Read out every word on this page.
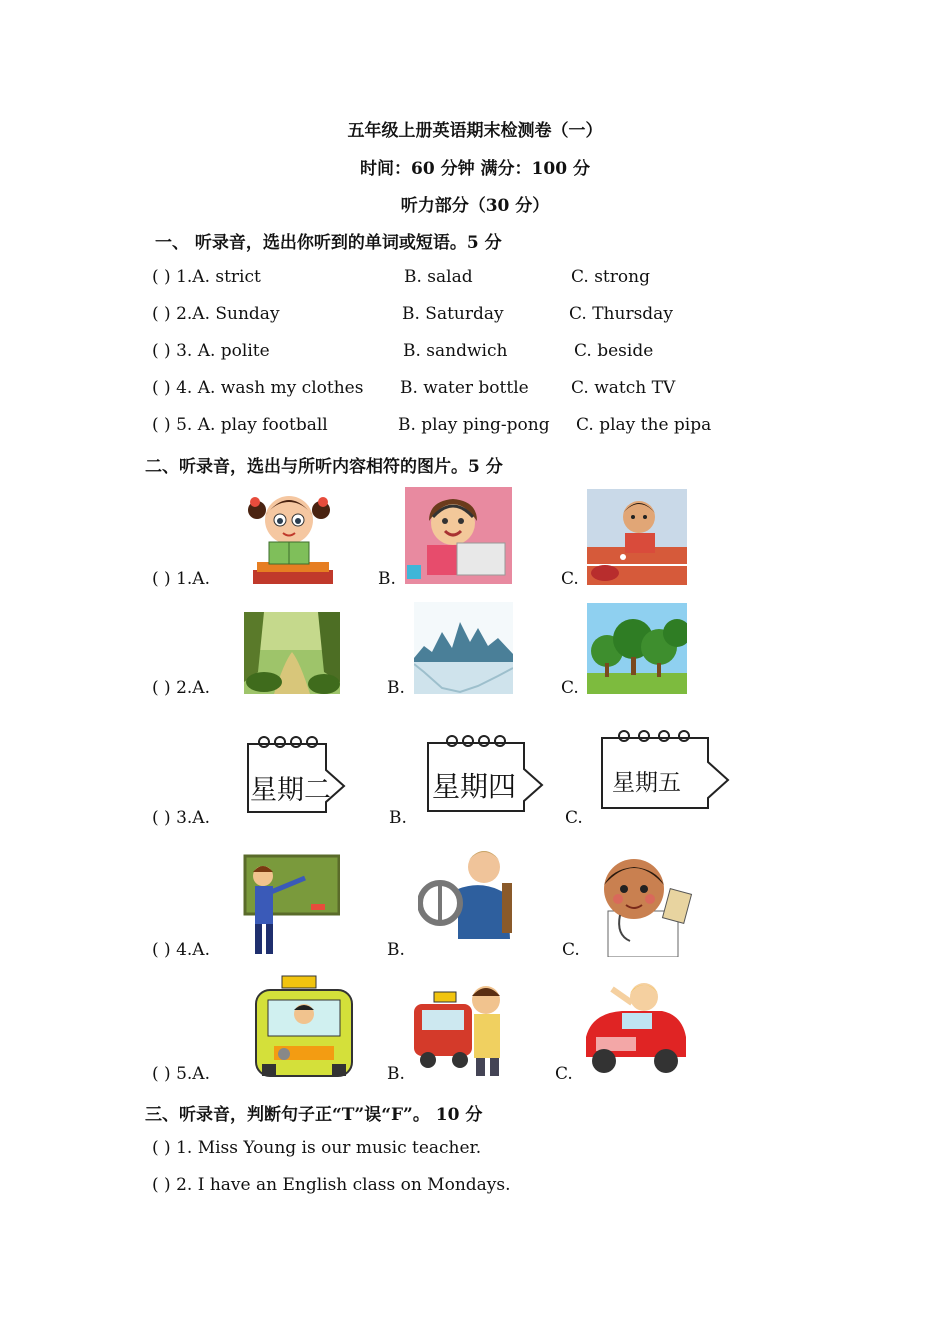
五年级上册英语期末检测卷（一）
时间：60 分钟 满分：100 分
听力部分（30 分）
一、 听录音，选出你听到的单词或短语。5 分
( ) 1.A. strict	B. salad	C. strong
( ) 2.A. Sunday	B. Saturday	C. Thursday
( ) 3. A. polite	B. sandwich	C. beside
( ) 4. A. wash my clothes B. water bottle C. watch TV
( ) 5. A. play football	B. play ping-pong C. play the pipa
二、听录音，选出与所听内容相符的图片。5 分
( ) 1.A.	B.	C.
( ) 2.A.	B.	C.
( ) 3.A.	B.	C.
星期二	星期四	星期五
( ) 4.A.	B.	C.
( ) 5.A.	B.	C.
三、听录音，判断句子正“T”误“F”。 10 分
( ) 1. Miss Young is our music teacher.
( ) 2. I have an English class on Mondays.
